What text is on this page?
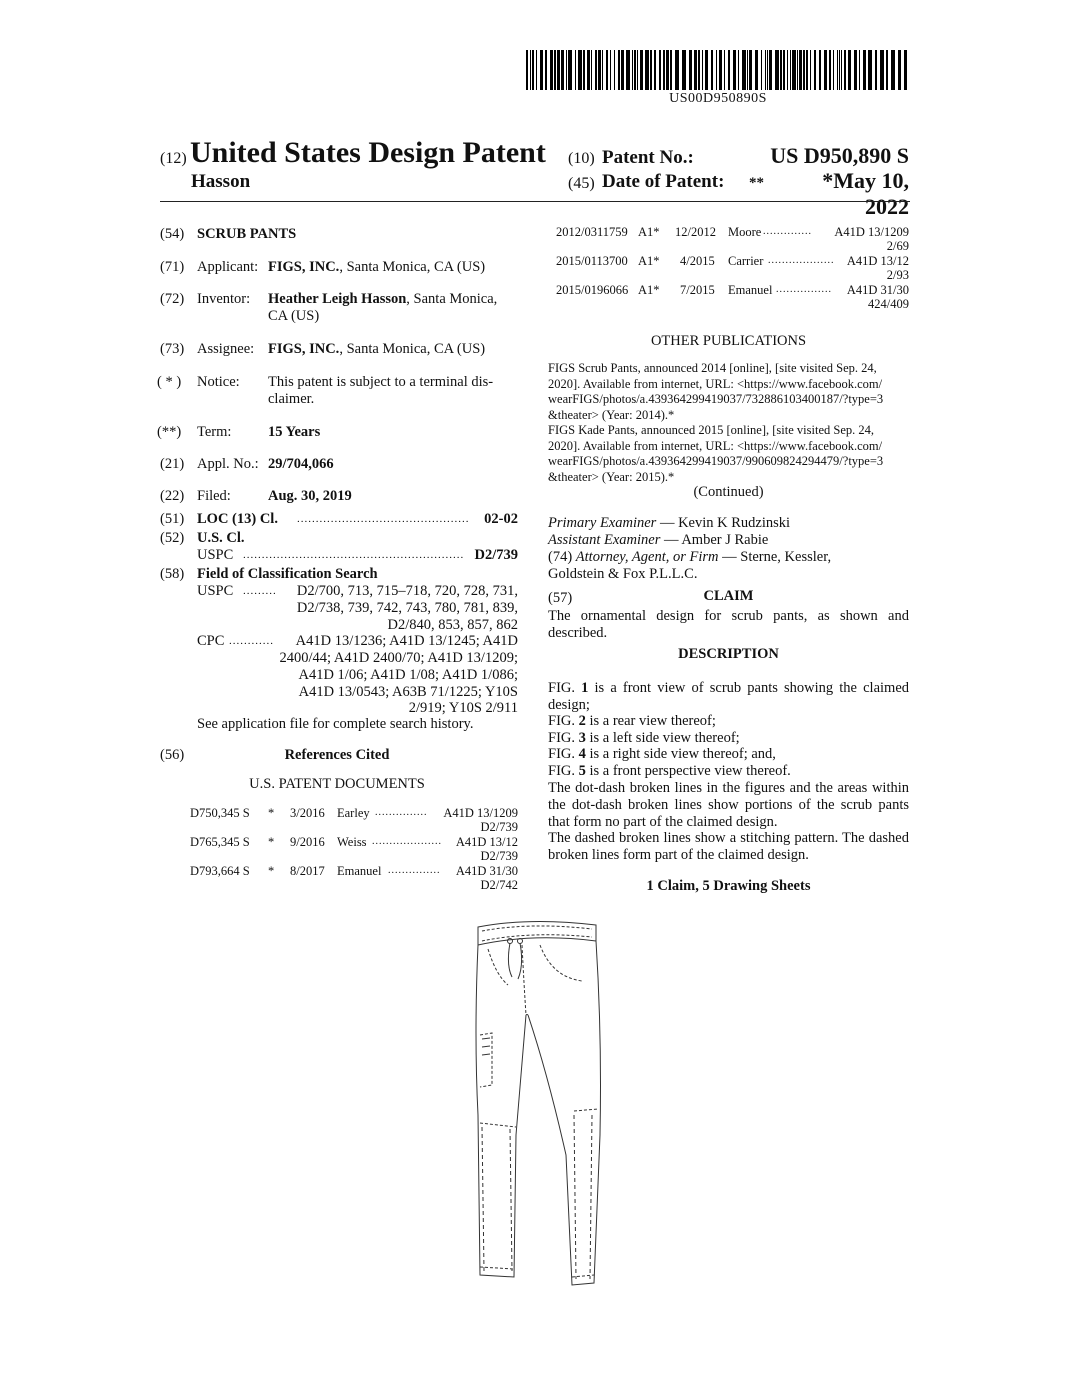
US00D950890S
(12) United States Design Patent
Hasson
(10) Patent No.:	US D950,890 S
(45) Date of Patent: **	*May 10, 2022
(54) SCRUB PANTS
(71) Applicant: FIGS, INC., Santa Monica, CA (US)
(72) Inventor: Heather Leigh Hasson, Santa Monica,
CA (US)
(73) Assignee: FIGS, INC., Santa Monica, CA (US)
( * ) Notice: This patent is subject to a terminal dis-
claimer.
(**) Term:	15 Years
(21) Appl. No.: 29/704,066
(22) Filed:	Aug. 30, 2019
(51) LOC (13) Cl. ..............................................	02-02
(52) U.S. Cl.
USPC ........................................................... D2/739
(58) Field of Classification Search
USPC .........	D2/700, 713, 715–718, 720, 728, 731,
D2/738, 739, 742, 743, 780, 781, 839,
D2/840, 853, 857, 862
CPC ............	A41D 13/1236; A41D 13/1245; A41D
2400/44; A41D 2400/70; A41D 13/1209;
A41D 1/06; A41D 1/08; A41D 1/086;
A41D 13/0543; A63B 71/1225; Y10S
2/919; Y10S 2/911
See application file for complete search history.
(56)	References Cited
U.S. PATENT DOCUMENTS
D750,345 S * 3/2016 Earley ...............	A41D 13/1209
D2/739
D765,345 S * 9/2016 Weiss ....................	A41D 13/12
D2/739
D793,664 S * 8/2017 Emanuel ...............	A41D 31/30
D2/742
2012/0311759 A1* 12/2012 Moore ..............	A41D 13/1209
2/69
2015/0113700 A1* 4/2015 Carrier ................... A41D 13/12
2/93
2015/0196066 A1* 7/2015 Emanuel ................	A41D 31/30
424/409
OTHER PUBLICATIONS
FIGS Scrub Pants, announced 2014 [online], [site visited Sep. 24,
2020]. Available from internet, URL: <https://www.facebook.com/
wearFIGS/photos/a.439364299419037/732886103400187/?type=3
&theater> (Year: 2014).*
FIGS Kade Pants, announced 2015 [online], [site visited Sep. 24,
2020]. Available from internet, URL: <https://www.facebook.com/
wearFIGS/photos/a.439364299419037/990609824294479/?type=3
&theater> (Year: 2015).*
(Continued)
Primary Examiner — Kevin K Rudzinski
Assistant Examiner — Amber J Rabie
(74) Attorney, Agent, or Firm — Sterne, Kessler,
Goldstein & Fox P.L.L.C.
(57)	CLAIM
The ornamental design for scrub pants, as shown and described.
DESCRIPTION
FIG. 1 is a front view of scrub pants showing the claimed design;
FIG. 2 is a rear view thereof;
FIG. 3 is a left side view thereof;
FIG. 4 is a right side view thereof; and,
FIG. 5 is a front perspective view thereof.
The dot-dash broken lines in the figures and the areas within the dot-dash broken lines show portions of the scrub pants that form no part of the claimed design.
The dashed broken lines show a stitching pattern. The dashed broken lines form part of the claimed design.
1 Claim, 5 Drawing Sheets
